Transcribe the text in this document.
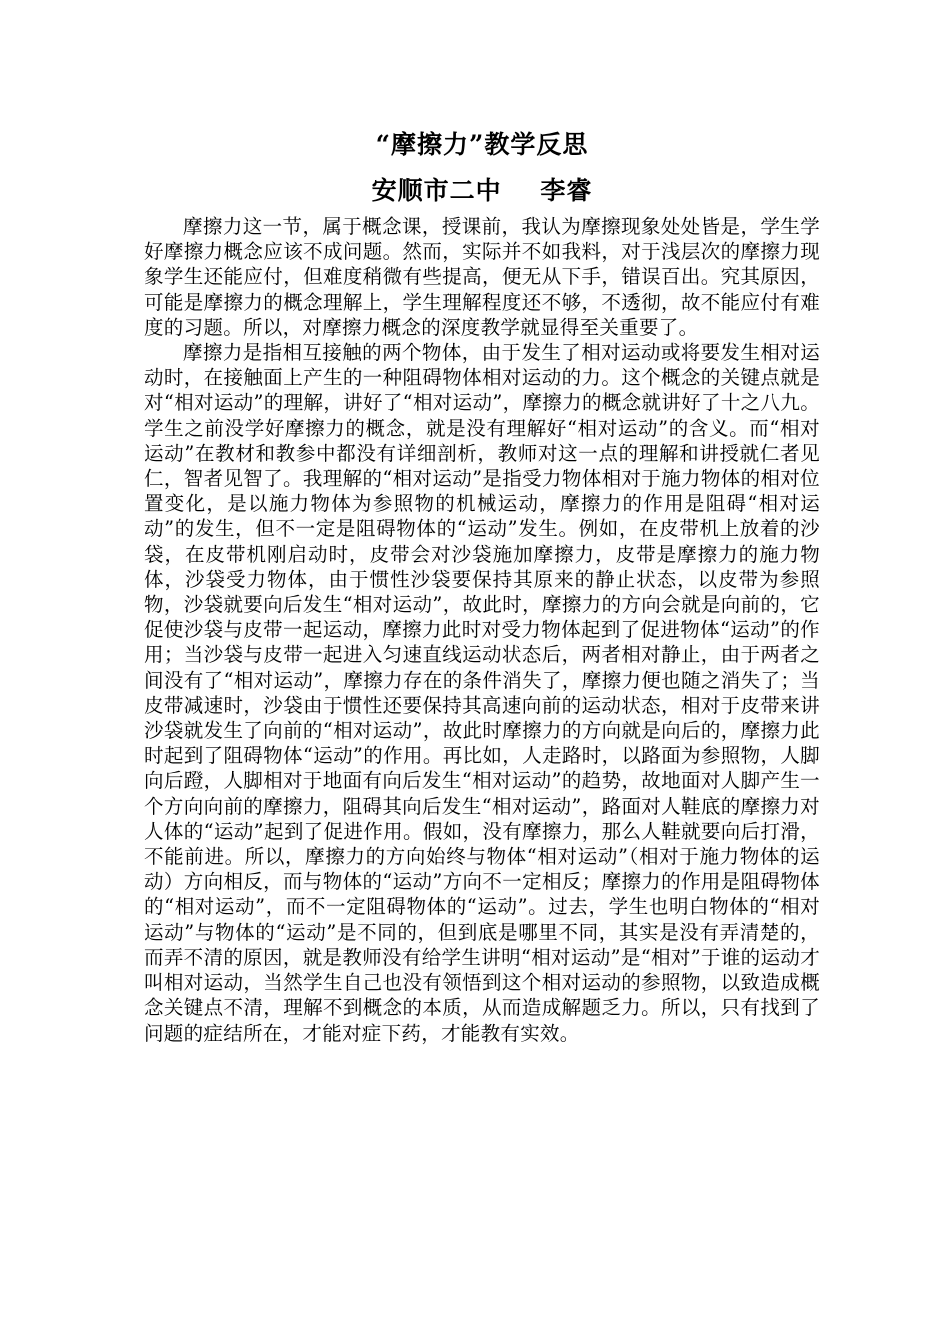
“摩擦力”教学反思
安顺市二中    李睿

摩擦力这一节，属于概念课，授课前，我认为摩擦现象处处皆是，学生学好摩擦力概念应该不成问题。然而，实际并不如我料，对于浅层次的摩擦力现象学生还能应付，但难度稍微有些提高，便无从下手，错误百出。究其原因，可能是摩擦力的概念理解上，学生理解程度还不够，不透彻，故不能应付有难度的习题。所以，对摩擦力概念的深度教学就显得至关重要了。

摩擦力是指相互接触的两个物体，由于发生了相对运动或将要发生相对运动时，在接触面上产生的一种阻碍物体相对运动的力。这个概念的关键点就是对“相对运动”的理解，讲好了“相对运动”，摩擦力的概念就讲好了十之八九。学生之前没学好摩擦力的概念，就是没有理解好“相对运动”的含义。而“相对运动”在教材和教参中都没有详细剖析，教师对这一点的理解和讲授就仁者见仁，智者见智了。我理解的“相对运动”是指受力物体相对于施力物体的相对位置变化，是以施力物体为参照物的机械运动，摩擦力的作用是阻碍“相对运动”的发生，但不一定是阻碍物体的“运动”发生。例如，在皮带机上放着的沙袋，在皮带机刚启动时，皮带会对沙袋施加摩擦力，皮带是摩擦力的施力物体，沙袋受力物体，由于惯性沙袋要保持其原来的静止状态，以皮带为参照物，沙袋就要向后发生“相对运动”，故此时，摩擦力的方向会就是向前的，它促使沙袋与皮带一起运动，摩擦力此时对受力物体起到了促进物体“运动”的作用；当沙袋与皮带一起进入匀速直线运动状态后，两者相对静止，由于两者之间没有了“相对运动”，摩擦力存在的条件消失了，摩擦力便也随之消失了；当皮带减速时，沙袋由于惯性还要保持其高速向前的运动状态，相对于皮带来讲沙袋就发生了向前的“相对运动”，故此时摩擦力的方向就是向后的，摩擦力此时起到了阻碍物体“运动”的作用。再比如，人走路时，以路面为参照物，人脚向后蹬，人脚相对于地面有向后发生“相对运动”的趋势，故地面对人脚产生一个方向向前的摩擦力，阻碍其向后发生“相对运动”，路面对人鞋底的摩擦力对人体的“运动”起到了促进作用。假如，没有摩擦力，那么人鞋就要向后打滑，不能前进。所以，摩擦力的方向始终与物体“相对运动”（相对于施力物体的运动）方向相反，而与物体的“运动”方向不一定相反；摩擦力的作用是阻碍物体的“相对运动”，而不一定阻碍物体的“运动”。过去，学生也明白物体的“相对运动”与物体的“运动”是不同的，但到底是哪里不同，其实是没有弄清楚的，而弄不清的原因，就是教师没有给学生讲明“相对运动”是“相对”于谁的运动才叫相对运动，当然学生自己也没有领悟到这个相对运动的参照物，以致造成概念关键点不清，理解不到概念的本质，从而造成解题乏力。所以，只有找到了问题的症结所在，才能对症下药，才能教有实效。
